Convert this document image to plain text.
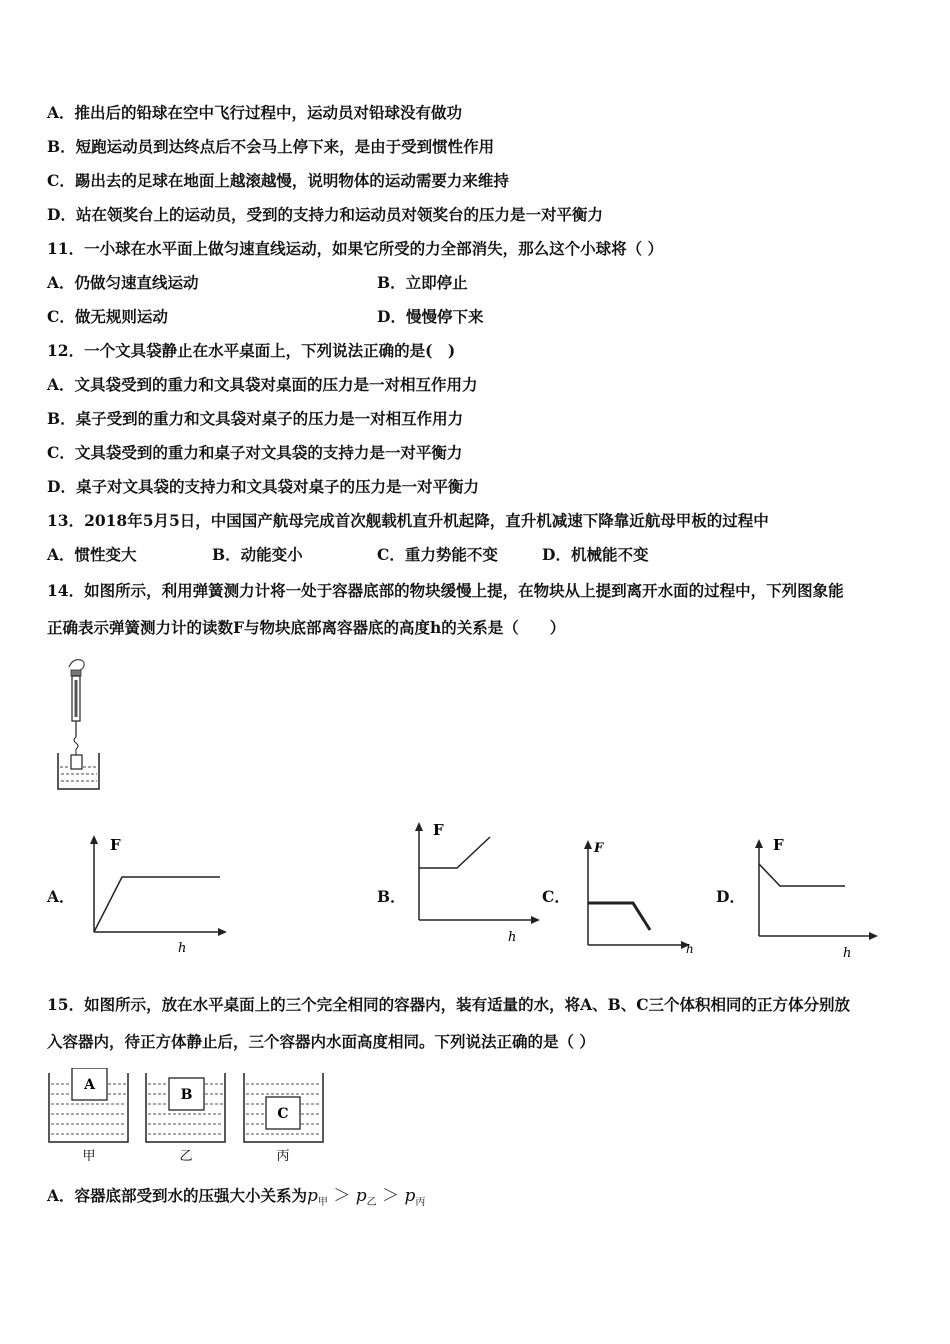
A．推出后的铅球在空中飞行过程中，运动员对铅球没有做功
B．短跑运动员到达终点后不会马上停下来，是由于受到惯性作用
C．踢出去的足球在地面上越滚越慢，说明物体的运动需要力来维持
D．站在领奖台上的运动员，受到的支持力和运动员对领奖台的压力是一对平衡力
11．一小球在水平面上做匀速直线运动，如果它所受的力全部消失，那么这个小球将（ ）
A．仍做匀速直线运动	B．立即停止
C．做无规则运动	D．慢慢停下来
12．一个文具袋静止在水平桌面上，下列说法正确的是(　)
A．文具袋受到的重力和文具袋对桌面的压力是一对相互作用力
B．桌子受到的重力和文具袋对桌子的压力是一对相互作用力
C．文具袋受到的重力和桌子对文具袋的支持力是一对平衡力
D．桌子对文具袋的支持力和文具袋对桌子的压力是一对平衡力
13．2018年5月5日，中国国产航母完成首次舰载机直升机起降，直升机减速下降靠近航母甲板的过程中
A．惯性变大	B．动能变小	C．重力势能不变	D．机械能不变
14．如图所示，利用弹簧测力计将一处于容器底部的物块缓慢上提，在物块从上提到离开水面的过程中，下列图象能
正确表示弹簧测力计的读数F与物块底部离容器底的高度h的关系是（　　）
A．	B．	C．	D．
F
h
F
h
F
h
F
h
15．如图所示，放在水平桌面上的三个完全相同的容器内，装有适量的水，将A、B、C三个体积相同的正方体分别放
入容器内，待正方体静止后，三个容器内水面高度相同。下列说法正确的是（ ）
A
B
C
甲	乙	丙
A．容器底部受到水的压强大小关系为$p_甲 > p_乙 > p_丙$
